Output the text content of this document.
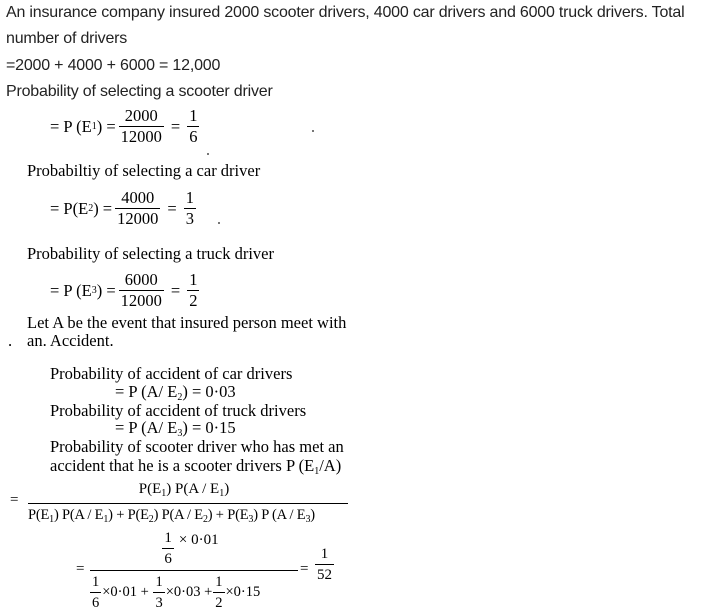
An insurance company insured 2000 scooter drivers, 4000 car drivers and 6000 truck drivers. Total
number of drivers
=2000 + 4000 + 6000 = 12,000
Probability of selecting a scooter driver
= P (E 1 ) = $\frac{2000}{12000} = \frac{1}{6}$
Probabiltiy of selecting a car driver
= P(E 2 ) = $\frac{4000}{12000} = \frac{1}{3}$
Probability of selecting a truck driver
= P (E 3 ) = $\frac{6000}{12000} = \frac{1}{2}$
Let A be the event that insured person meet with
. an. Accident.
Probability of accident of car drivers
= P (A/ $E_2) = 0\cdot 03$
Probability of accident of truck drivers
= P (A/ $E_3) = 0\cdot 15$
Probability of scooter driver who has met an
accident that he is a scooter drivers P $(E_1/A)$
= $\frac{P(E_1) P(A / E_1)}{P(E_1) P(A / E_1) + P(E_2) P(A / E_2) + P(E_3) P (A / E_3)}$
= $\frac{1}{6} \times 0\cdot 01$
$\frac{1}{6} \times 0\cdot 01$ +
$\frac{1}{3} \times 0\cdot 03 + \frac{1}{2} \times 0\cdot 15 = \frac{1}{52}$
